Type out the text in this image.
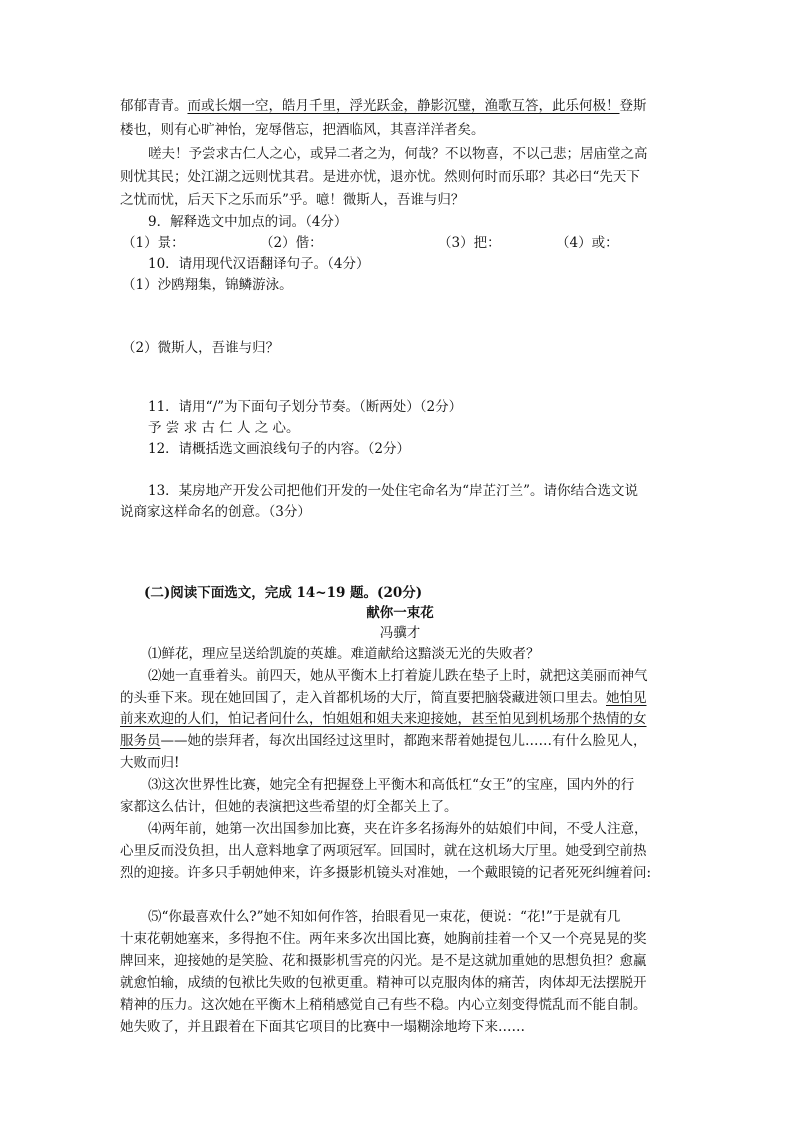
郁郁青青。而或长烟一空，皓月千里，浮光跃金，静影沉璧，渔歌互答，此乐何极！登斯
楼也，则有心旷神怡，宠辱偕忘，把酒临风，其喜洋洋者矣。
嗟夫！予尝求古仁人之心，或异二者之为，何哉？不以物喜，不以己悲；居庙堂之高
则忧其民；处江湖之远则忧其君。是进亦忧，退亦忧。然则何时而乐耶？其必曰“先天下
之忧而忧，后天下之乐而乐”乎。噫！微斯人，吾谁与归？
9．解释选文中加点的词。（4分）
（1）景：	（2）偕：	（3）把：	（4）或：
10．请用现代汉语翻译句子。（4分）
（1）沙鸥翔集，锦鳞游泳。
（2）微斯人，吾谁与归？
11．请用“/”为下面句子划分节奏。（断两处）（2分）
予 尝 求 古 仁 人 之 心。
12．请概括选文画浪线句子的内容。（2分）
13．某房地产开发公司把他们开发的一处住宅命名为“岸芷汀兰”。请你结合选文说
说商家这样命名的创意。（3分）
(二)阅读下面选文，完成 14~19 题。(20分)
献你一束花
冯骥才
⑴鲜花，理应呈送给凯旋的英雄。难道献给这黯淡无光的失败者？
⑵她一直垂着头。前四天，她从平衡木上打着旋儿跌在垫子上时，就把这美丽而神气
的头垂下来。现在她回国了，走入首都机场的大厅，简直要把脑袋藏进领口里去。她怕见
前来欢迎的人们，怕记者问什么，怕姐姐和姐夫来迎接她，甚至怕见到机场那个热情的女
服务员——她的崇拜者，每次出国经过这里时，都跑来帮着她提包儿……有什么脸见人，
大败而归!
⑶这次世界性比赛，她完全有把握登上平衡木和高低杠“女王”的宝座，国内外的行
家都这么估计，但她的表演把这些希望的灯全都关上了。
⑷两年前，她第一次出国参加比赛，夹在许多名扬海外的姑娘们中间，不受人注意，
心里反而没负担，出人意料地拿了两项冠军。回国时，就在这机场大厅里。她受到空前热
烈的迎接。许多只手朝她伸来，许多摄影机镜头对准她，一个戴眼镜的记者死死纠缠着问:
⑸“你最喜欢什么?”她不知如何作答，抬眼看见一束花，便说：“花!”于是就有几
十束花朝她塞来，多得抱不住。两年来多次出国比赛，她胸前挂着一个又一个亮晃晃的奖
牌回来，迎接她的是笑脸、花和摄影机雪亮的闪光。是不是这就加重她的思想负担？愈赢
就愈怕输，成绩的包袱比失败的包袱更重。精神可以克服肉体的痛苦，肉体却无法摆脱开
精神的压力。这次她在平衡木上稍稍感觉自己有些不稳。内心立刻变得慌乱而不能自制。
她失败了，并且跟着在下面其它项目的比赛中一塌糊涂地垮下来……
